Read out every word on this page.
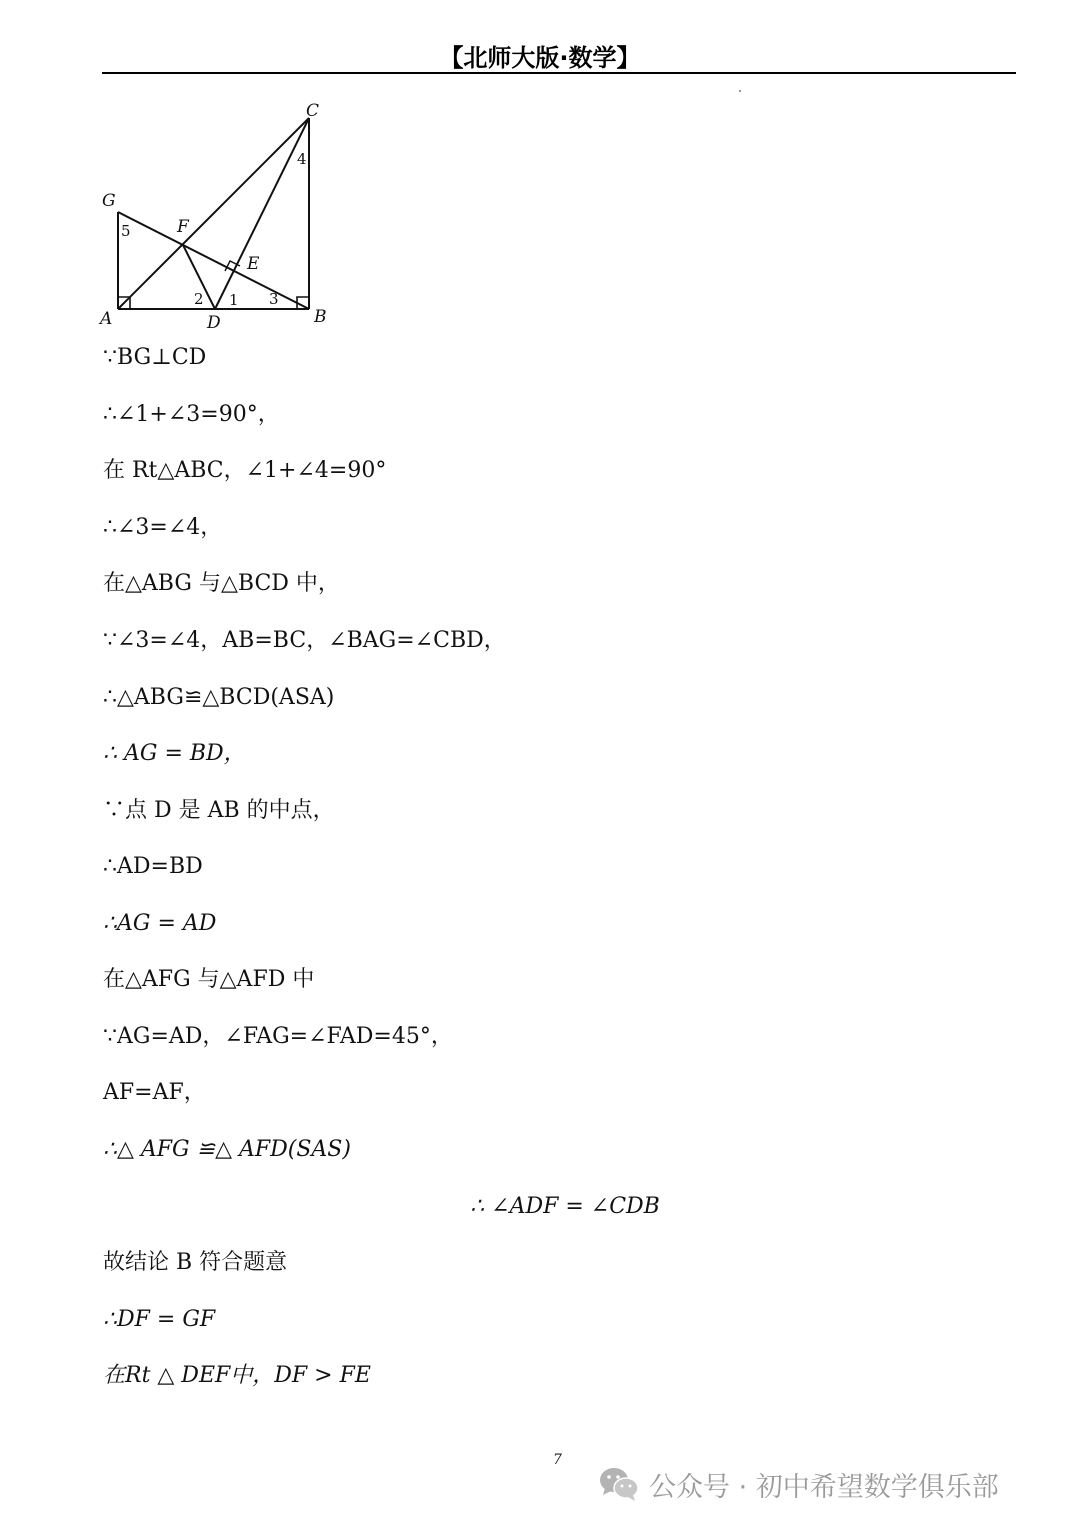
【北师大版·数学】
C
G
F
E
A	D	B
4
5
2 1 3
∵BG⊥CD
∴∠1+∠3=90°，
在 Rt△ABC，∠1+∠4=90°
∴∠3=∠4，
在△ABG 与△BCD 中，
∵∠3=∠4，AB=BC，∠BAG=∠CBD，
∴△ABG≌△BCD(ASA)
∴ AG = BD，
∵点 D 是 AB 的中点，
∴AD=BD
∴AG = AD
在△AFG 与△AFD 中
∵AG=AD，∠FAG=∠FAD=45°，
AF=AF，
∴△ AFG ≌△ AFD(SAS)
∴ ∠ADF = ∠CDB
故结论 B 符合题意
∴DF = GF
在Rt △ DEF中，DF > FE
7
公众号 · 初中希望数学俱乐部
